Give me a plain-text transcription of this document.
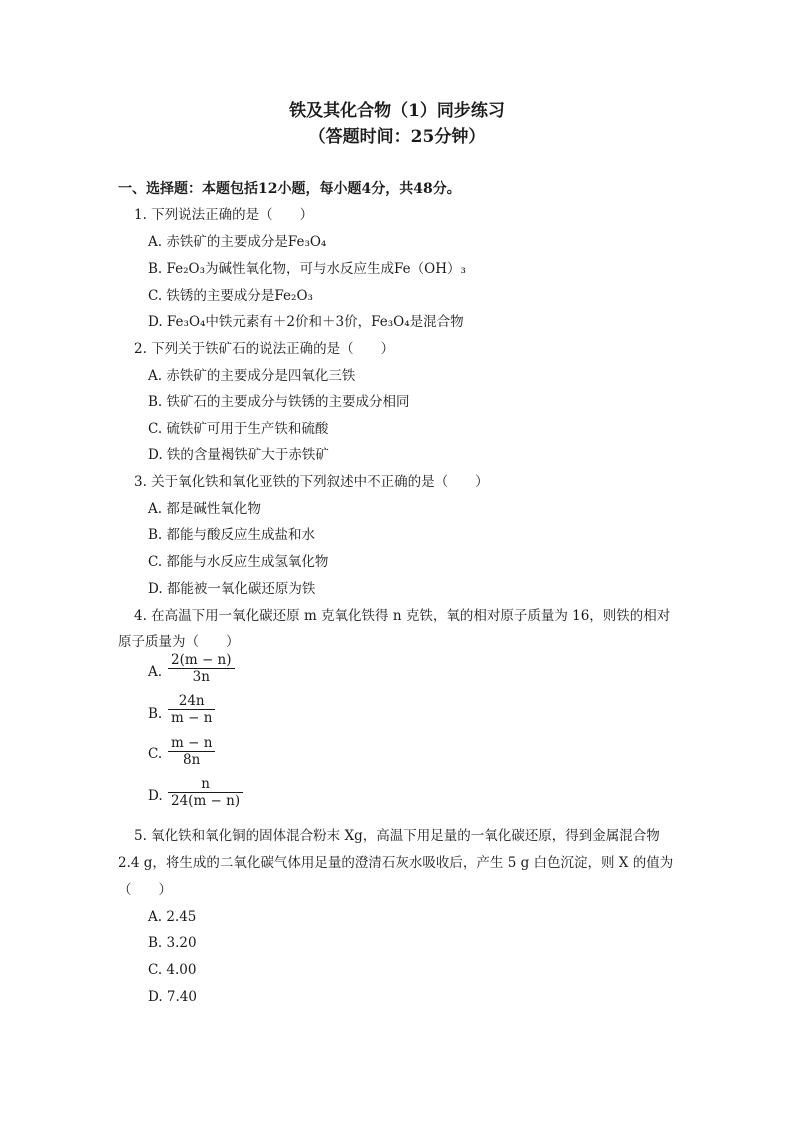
铁及其化合物（1）同步练习
（答题时间：25分钟）
一、选择题：本题包括12小题，每小题4分，共48分。
1. 下列说法正确的是（　　）
A. 赤铁矿的主要成分是Fe₃O₄
B. Fe₂O₃为碱性氧化物，可与水反应生成Fe（OH）₃
C. 铁锈的主要成分是Fe₂O₃
D. Fe₃O₄中铁元素有＋2价和＋3价，Fe₃O₄是混合物
2. 下列关于铁矿石的说法正确的是（　　）
A. 赤铁矿的主要成分是四氧化三铁
B. 铁矿石的主要成分与铁锈的主要成分相同
C. 硫铁矿可用于生产铁和硫酸
D. 铁的含量褐铁矿大于赤铁矿
3. 关于氧化铁和氧化亚铁的下列叙述中不正确的是（　　）
A. 都是碱性氧化物
B. 都能与酸反应生成盐和水
C. 都能与水反应生成氢氧化物
D. 都能被一氧化碳还原为铁
4. 在高温下用一氧化碳还原 m 克氧化铁得 n 克铁，氧的相对原子质量为 16，则铁的相对
原子质量为（　　）
A.
2(m − n)
3n
B.
24n
m − n
C.
m − n
8n
D.
n
24(m − n)
5. 氧化铁和氧化铜的固体混合粉末 Xg，高温下用足量的一氧化碳还原，得到金属混合物
2.4 g，将生成的二氧化碳气体用足量的澄清石灰水吸收后，产生 5 g 白色沉淀，则 X 的值为
（　　）
A. 2.45
B. 3.20
C. 4.00
D. 7.40
